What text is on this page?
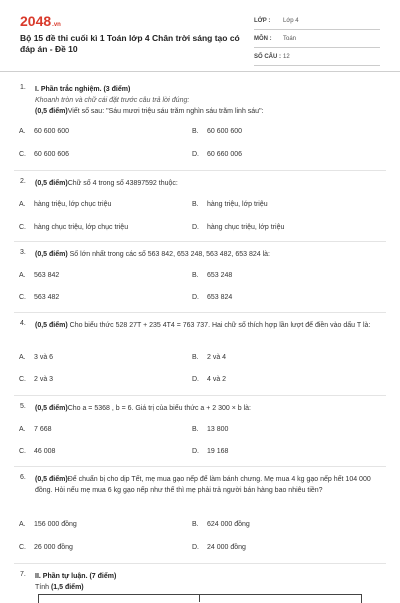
2048.vn
Bộ 15 đề thi cuối kì 1 Toán lớp 4 Chân trời sáng tạo có đáp án - Đề 10
LỚP :	Lớp 4
MÔN :	Toán
SỐ CÂU : 12
1.	I. Phần trắc nghiệm. (3 điểm)
Khoanh tròn và chữ cái đặt trước câu trả lời đúng:
(0,5 điểm)Viết số sau: "Sáu mươi triệu sáu trăm nghìn sáu trăm linh sáu":
A. 60 600 600	B. 60 600 600
C. 60 600 606	D. 60 660 006
2.	(0,5 điểm)Chữ số 4 trong số 43897592 thuộc:
A. hàng triệu, lớp chục triệu	B. hàng triệu, lớp triệu
C. hàng chục triệu, lớp chục triệu	D. hàng chục triệu, lớp triệu
3.	(0,5 điểm) Số lớn nhất trong các số 563 842, 653 248, 563 482, 653 824 là:
A. 563 842	B. 653 248
C. 563 482	D. 653 824
4.	(0,5 điểm) Cho biểu thức 528 27T + 235 4T4 = 763 737. Hai chữ số thích hợp lần lượt để điền vào dấu T là:
A. 3 và 6	B. 2 và 4
C. 2 và 3	D. 4 và 2
5.	(0,5 điểm)Cho a = 5368 , b = 6. Giá trị của biểu thức a + 2 300 × b là:
A. 7 668	B. 13 800
C. 46 008	D. 19 168
6.	(0,5 điểm)Để chuẩn bị cho dịp Tết, mẹ mua gạo nếp để làm bánh chưng. Mẹ mua 4 kg gạo nếp hết 104 000 đồng. Hỏi nếu mẹ mua 6 kg gạo nếp như thế thì mẹ phải trả người bán hàng bao nhiêu tiền?
A. 156 000 đồng	B. 624 000 đồng
C. 26 000 đồng	D. 24 000 đồng
7.	II. Phần tự luận. (7 điểm)
Tính (1,5 điểm)
